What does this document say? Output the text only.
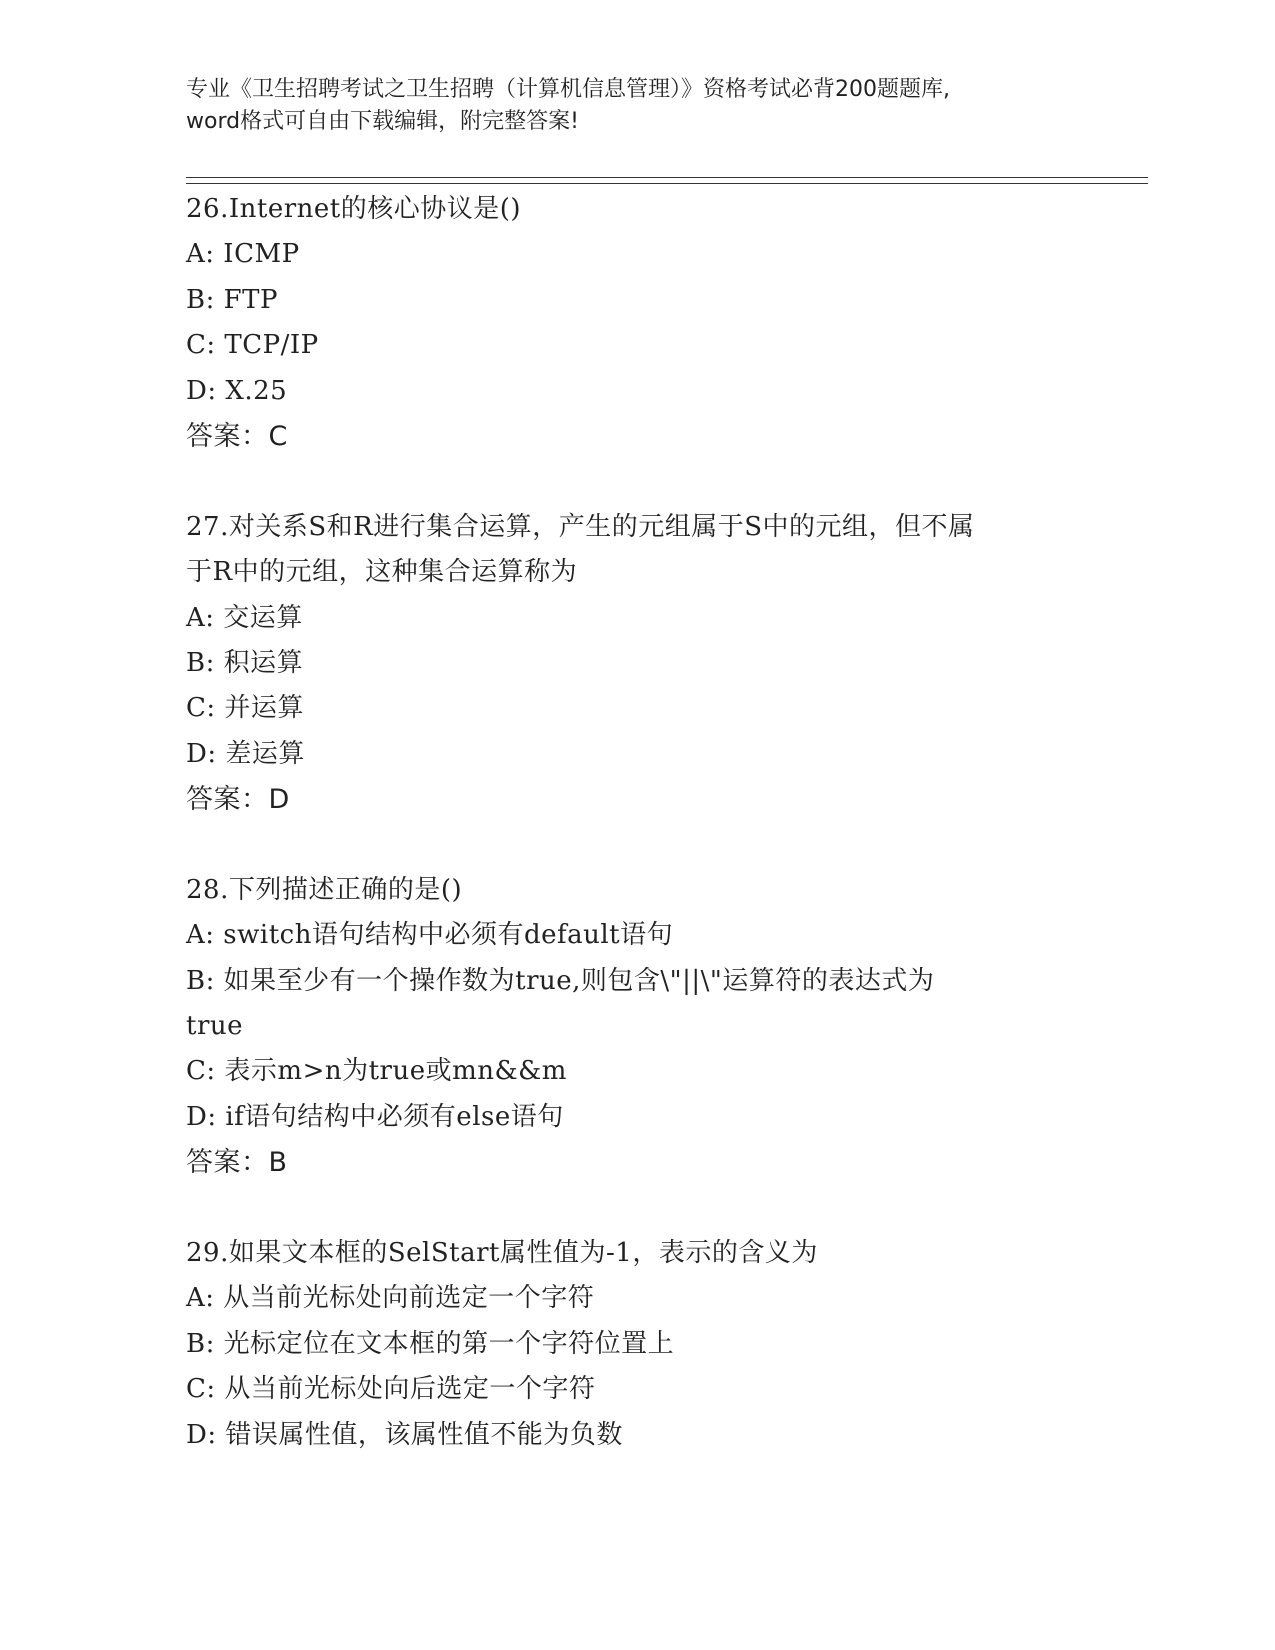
专业《卫生招聘考试之卫生招聘（计算机信息管理）》资格考试必背200题题库,
word格式可自由下载编辑，附完整答案!
26.Internet的核心协议是()
A: ICMP
B: FTP
C: TCP/IP
D: X.25
答案：C
27.对关系S和R进行集合运算，产生的元组属于S中的元组，但不属
于R中的元组，这种集合运算称为
A: 交运算
B: 积运算
C: 并运算
D: 差运算
答案：D
28.下列描述正确的是()
A: switch语句结构中必须有default语句
B: 如果至少有一个操作数为true,则包含\"||\"运算符的表达式为
true
C: 表示m>n为true或mn&&m
D: if语句结构中必须有else语句
答案：B
29.如果文本框的SelStart属性值为-1，表示的含义为
A: 从当前光标处向前选定一个字符
B: 光标定位在文本框的第一个字符位置上
C: 从当前光标处向后选定一个字符
D: 错误属性值，该属性值不能为负数
